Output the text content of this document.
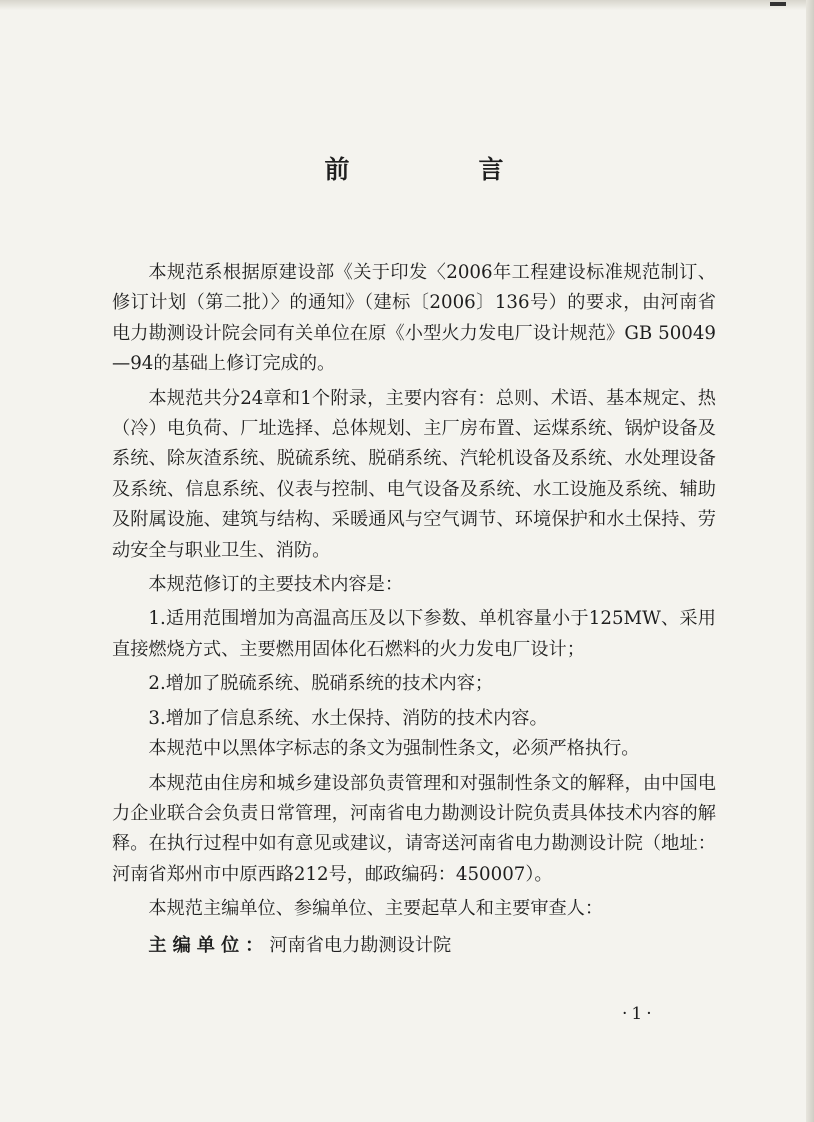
前　言

本规范系根据原建设部《关于印发〈2006年工程建设标准规范制订、修订计划（第二批）〉的通知》（建标〔2006〕136号）的要求，由河南省电力勘测设计院会同有关单位在原《小型火力发电厂设计规范》GB 50049—94的基础上修订完成的。

本规范共分24章和1个附录，主要内容有：总则、术语、基本规定、热（冷）电负荷、厂址选择、总体规划、主厂房布置、运煤系统、锅炉设备及系统、除灰渣系统、脱硫系统、脱硝系统、汽轮机设备及系统、水处理设备及系统、信息系统、仪表与控制、电气设备及系统、水工设施及系统、辅助及附属设施、建筑与结构、采暖通风与空气调节、环境保护和水土保持、劳动安全与职业卫生、消防。

本规范修订的主要技术内容是：

1.适用范围增加为高温高压及以下参数、单机容量小于125MW、采用直接燃烧方式、主要燃用固体化石燃料的火力发电厂设计；

2.增加了脱硫系统、脱硝系统的技术内容；

3.增加了信息系统、水土保持、消防的技术内容。

本规范中以黑体字标志的条文为强制性条文，必须严格执行。

本规范由住房和城乡建设部负责管理和对强制性条文的解释，由中国电力企业联合会负责日常管理，河南省电力勘测设计院负责具体技术内容的解释。在执行过程中如有意见或建议，请寄送河南省电力勘测设计院（地址：河南省郑州市中原西路212号，邮政编码：450007）。

本规范主编单位、参编单位、主要起草人和主要审查人：

主编单位：河南省电力勘测设计院
·1·
